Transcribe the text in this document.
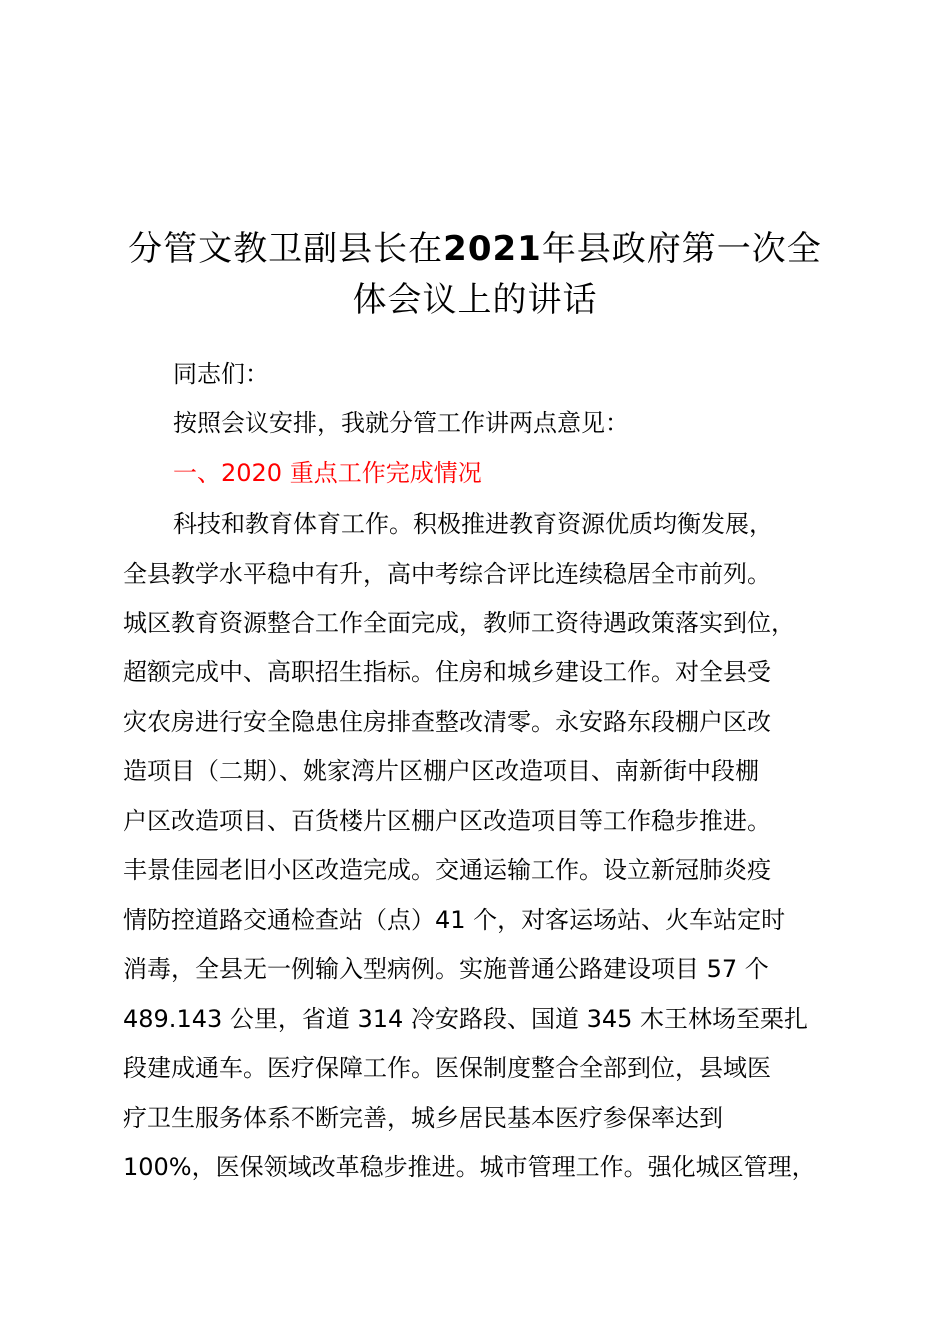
分管文教卫副县长在2021年县政府第一次全
体会议上的讲话

同志们：

按照会议安排，我就分管工作讲两点意见：

一、2020 重点工作完成情况

科技和教育体育工作。积极推进教育资源优质均衡发展，

全县教学水平稳中有升，高中考综合评比连续稳居全市前列。

城区教育资源整合工作全面完成，教师工资待遇政策落实到位，

超额完成中、高职招生指标。住房和城乡建设工作。对全县受

灾农房进行安全隐患住房排查整改清零。永安路东段棚户区改

造项目（二期）、姚家湾片区棚户区改造项目、南新街中段棚

户区改造项目、百货楼片区棚户区改造项目等工作稳步推进。

丰景佳园老旧小区改造完成。交通运输工作。设立新冠肺炎疫

情防控道路交通检查站（点）41 个，对客运场站、火车站定时

消毒，全县无一例输入型病例。实施普通公路建设项目 57 个

489.143 公里，省道 314 冷安路段、国道 345 木王林场至栗扎

段建成通车。医疗保障工作。医保制度整合全部到位，县域医

疗卫生服务体系不断完善，城乡居民基本医疗参保率达到

100%，医保领域改革稳步推进。城市管理工作。强化城区管理，
